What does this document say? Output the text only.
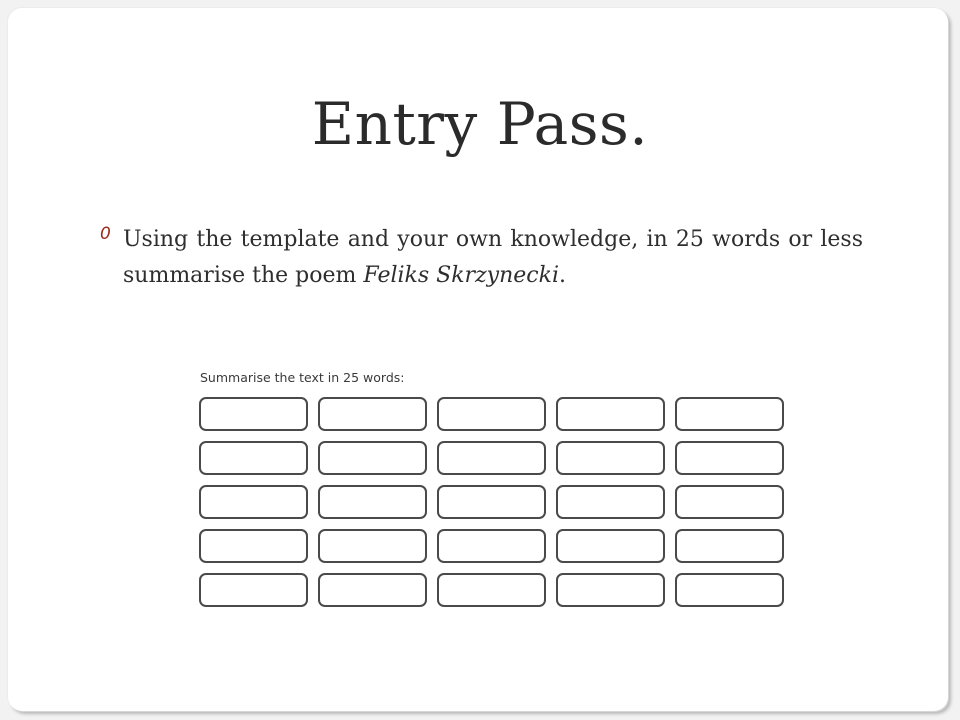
Entry Pass.
0 Using the template and your own knowledge, in 25 words or less summarise the poem Feliks Skrzynecki.
Summarise the text in 25 words:
